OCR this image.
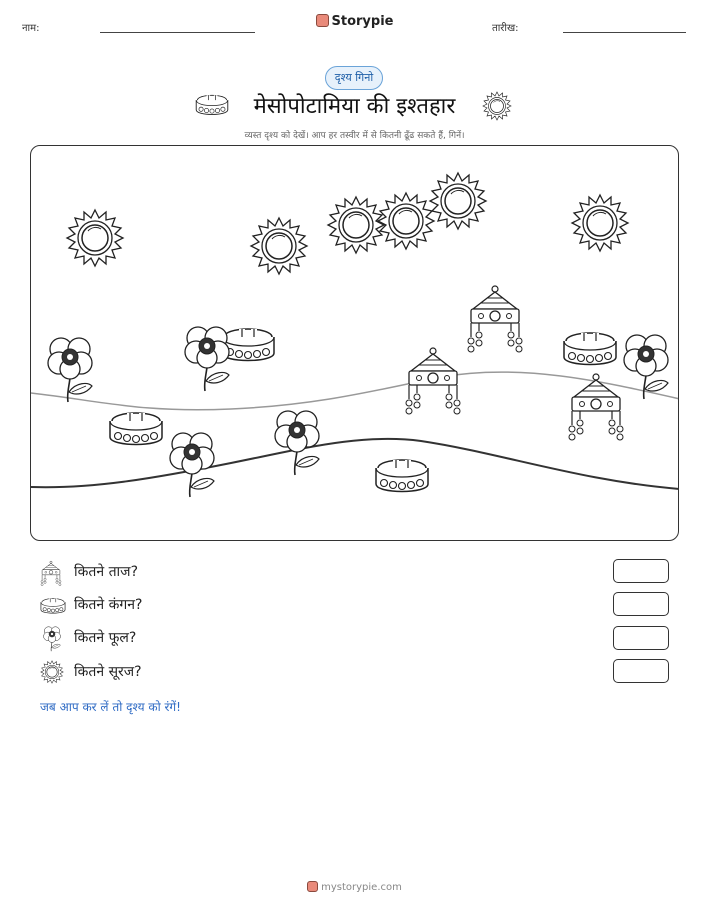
नाम:	Storypie	तारीख:
दृश्य गिनो
मेसोपोटामिया की इश्तहार
व्यस्त दृश्य को देखें। आप हर तस्वीर में से कितनी ढूँढ सकते हैं, गिनें।
कितने ताज?
कितने कंगन?
कितने फूल?
कितने सूरज?
जब आप कर लें तो दृश्य को रंगें!
mystorypie.com
